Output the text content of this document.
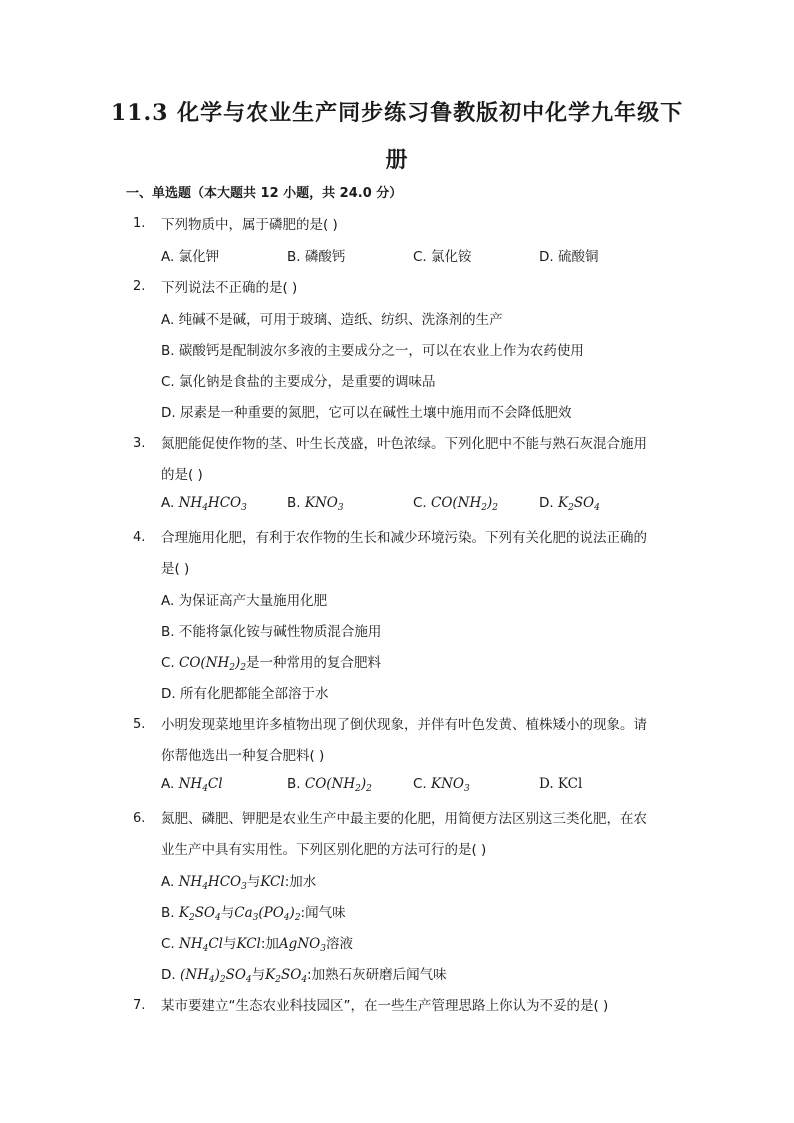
11.3 化学与农业生产同步练习鲁教版初中化学九年级下
册
一、单选题（本大题共 12 小题，共 24.0 分）
1. 下列物质中，属于磷肥的是( )
A. 氯化钾	B. 磷酸钙	C. 氯化铵	D. 硫酸铜
2. 下列说法不正确的是( )
A. 纯碱不是碱，可用于玻璃、造纸、纺织、洗涤剂的生产
B. 碳酸钙是配制波尔多液的主要成分之一，可以在农业上作为农药使用
C. 氯化钠是食盐的主要成分，是重要的调味品
D. 尿素是一种重要的氮肥，它可以在碱性土壤中施用而不会降低肥效
3. 氮肥能促使作物的茎、叶生长茂盛，叶色浓绿。下列化肥中不能与熟石灰混合施用
的是( )
A. $NH_4HCO_3$	B. $KNO_3$	C. $CO(NH_2)_2$	D. $K_2SO_4$
4. 合理施用化肥，有利于农作物的生长和减少环境污染。下列有关化肥的说法正确的
是( )
A. 为保证高产大量施用化肥
B. 不能将氯化铵与碱性物质混合施用
C. $CO(NH_2)_2$是一种常用的复合肥料
D. 所有化肥都能全部溶于水
5. 小明发现菜地里许多植物出现了倒伏现象，并伴有叶色发黄、植株矮小的现象。请
你帮他选出一种复合肥料( )
A. $NH_4Cl$	B. $CO(NH_2)_2$	C. $KNO_3$	D. KCl
6. 氮肥、磷肥、钾肥是农业生产中最主要的化肥，用简便方法区别这三类化肥，在农
业生产中具有实用性。下列区别化肥的方法可行的是( )
A. $NH_4HCO_3$与KCl:加水
B. $K_2SO_4$与$Ca_3(PO_4)_2$:闻气味
C. $NH_4Cl$与KCl:加AgNO$_3$溶液
D. $(NH_4)_2SO_4$与$K_2SO_4$:加熟石灰研磨后闻气味
7. 某市要建立“生态农业科技园区”，在一些生产管理思路上你认为不妥的是( )
